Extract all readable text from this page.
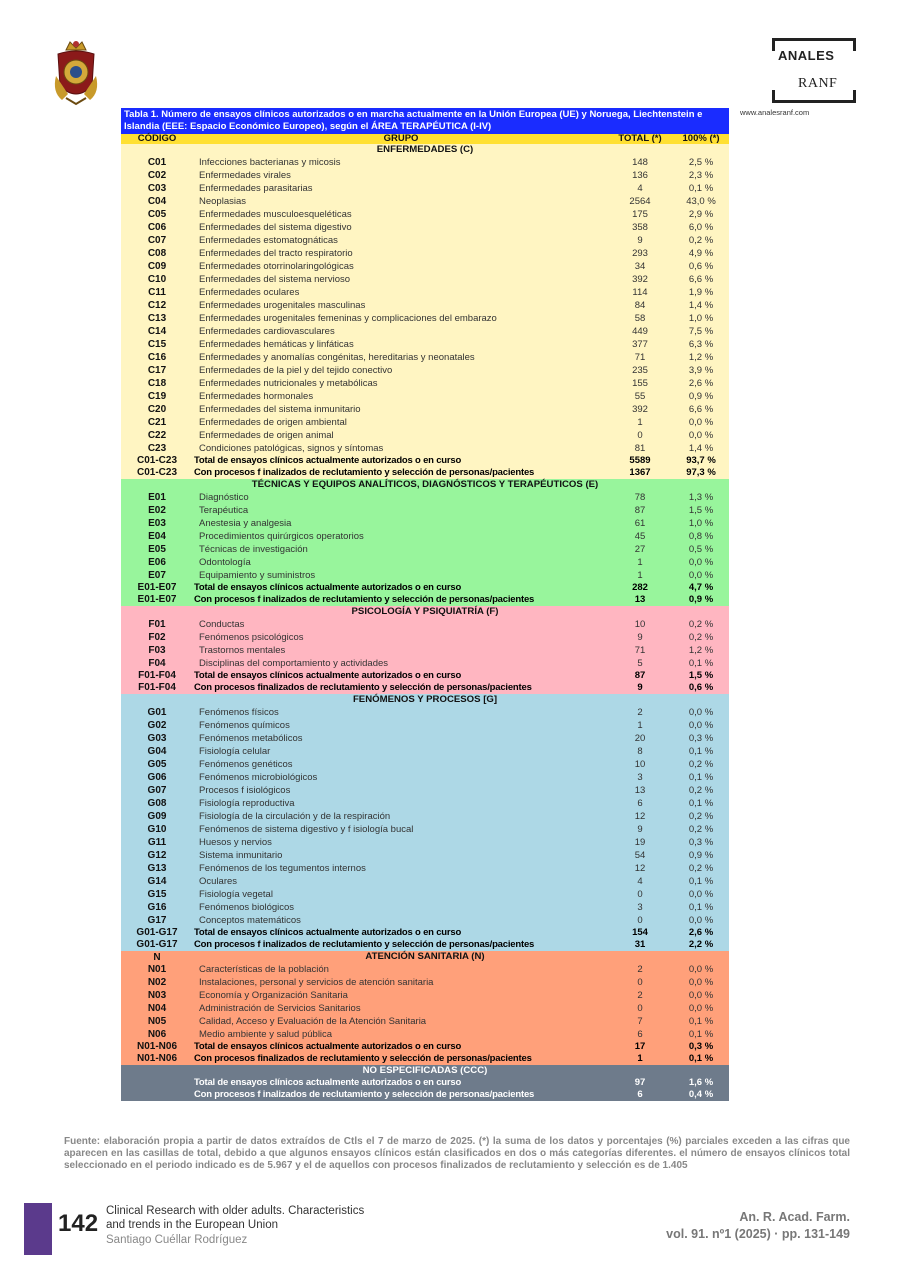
ANALES
RANF
www.analesranf.com
Tabla 1. Número de ensayos clínicos autorizados o en marcha actualmente en la Unión Europea (UE) y Noruega, Liechtenstein e Islandia (EEE: Espacio Económico Europeo), según el ÁREA TERAPÉUTICA (I-IV)
CÓDIGO	GRUPO	TOTAL (*)	100% (*)
ENFERMEDADES (C)
C01	Infecciones bacterianas y micosis	148	2,5 %
C02	Enfermedades virales	136	2,3 %
C03	Enfermedades parasitarias	4	0,1 %
C04	Neoplasias	2564	43,0 %
C05	Enfermedades musculoesqueléticas	175	2,9 %
C06	Enfermedades del sistema digestivo	358	6,0 %
C07	Enfermedades estomatognáticas	9	0,2 %
C08	Enfermedades del tracto respiratorio	293	4,9 %
C09	Enfermedades otorrinolaringológicas	34	0,6 %
C10	Enfermedades del sistema nervioso	392	6,6 %
C11	Enfermedades oculares	114	1,9 %
C12	Enfermedades urogenitales masculinas	84	1,4 %
C13	Enfermedades urogenitales femeninas y complicaciones del embarazo	58	1,0 %
C14	Enfermedades cardiovasculares	449	7,5 %
C15	Enfermedades hemáticas y linfáticas	377	6,3 %
C16	Enfermedades y anomalías congénitas, hereditarias y neonatales	71	1,2 %
C17	Enfermedades de la piel y del tejido conectivo	235	3,9 %
C18	Enfermedades nutricionales y metabólicas	155	2,6 %
C19	Enfermedades hormonales	55	0,9 %
C20	Enfermedades del sistema inmunitario	392	6,6 %
C21	Enfermedades de origen ambiental	1	0,0 %
C22	Enfermedades de origen animal	0	0,0 %
C23	Condiciones patológicas, signos y síntomas	81	1,4 %
C01-C23	Total de ensayos clínicos actualmente autorizados o en curso	5589	93,7 %
C01-C23	Con procesos f inalizados de reclutamiento y selección de personas/pacientes	1367	97,3 %
TÉCNICAS Y EQUIPOS ANALÍTICOS, DIAGNÓSTICOS Y TERAPÉUTICOS (E)
E01	Diagnóstico	78	1,3 %
E02	Terapéutica	87	1,5 %
E03	Anestesia y analgesia	61	1,0 %
E04	Procedimientos quirúrgicos operatorios	45	0,8 %
E05	Técnicas de investigación	27	0,5 %
E06	Odontología	1	0,0 %
E07	Equipamiento y suministros	1	0,0 %
E01-E07	Total de ensayos clínicos actualmente autorizados o en curso	282	4,7 %
E01-E07	Con procesos f inalizados de reclutamiento y selección de personas/pacientes	13	0,9 %
PSICOLOGÍA Y PSIQUIATRÍA (F)
F01	Conductas	10	0,2 %
F02	Fenómenos psicológicos	9	0,2 %
F03	Trastornos mentales	71	1,2 %
F04	Disciplinas del comportamiento y actividades	5	0,1 %
F01-F04	Total de ensayos clínicos actualmente autorizados o en curso	87	1,5 %
F01-F04	Con procesos finalizados de reclutamiento y selección de personas/pacientes	9	0,6 %
FENÓMENOS Y PROCESOS [G]
G01	Fenómenos físicos	2	0,0 %
G02	Fenómenos químicos	1	0,0 %
G03	Fenómenos metabólicos	20	0,3 %
G04	Fisiología celular	8	0,1 %
G05	Fenómenos genéticos	10	0,2 %
G06	Fenómenos microbiológicos	3	0,1 %
G07	Procesos f isiológicos	13	0,2 %
G08	Fisiología reproductiva	6	0,1 %
G09	Fisiología de la circulación y de la respiración	12	0,2 %
G10	Fenómenos de sistema digestivo y f isiología bucal	9	0,2 %
G11	Huesos y nervios	19	0,3 %
G12	Sistema inmunitario	54	0,9 %
G13	Fenómenos de los tegumentos internos	12	0,2 %
G14	Oculares	4	0,1 %
G15	Fisiología vegetal	0	0,0 %
G16	Fenómenos biológicos	3	0,1 %
G17	Conceptos matemáticos	0	0,0 %
G01-G17	Total de ensayos clínicos actualmente autorizados o en curso	154	2,6 %
G01-G17	Con procesos f inalizados de reclutamiento y selección de personas/pacientes	31	2,2 %
ATENCIÓN SANITARIA (N)
N
N01	Características de la población	2	0,0 %
N02	Instalaciones, personal y servicios de atención sanitaria	0	0,0 %
N03	Economía y Organización Sanitaria	2	0,0 %
N04	Administración de Servicios Sanitarios	0	0,0 %
N05	Calidad, Acceso y Evaluación de la Atención Sanitaria	7	0,1 %
N06	Medio ambiente y salud pública	6	0,1 %
N01-N06	Total de ensayos clínicos actualmente autorizados o en curso	17	0,3 %
N01-N06	Con procesos finalizados de reclutamiento y selección de personas/pacientes	1	0,1 %
NO ESPECIFICADAS (CCC)
Total de ensayos clínicos actualmente autorizados o en curso	97	1,6 %
Con procesos f inalizados de reclutamiento y selección de personas/pacientes	6	0,4 %
Fuente: elaboración propia a partir de datos extraídos de Ctls el 7 de marzo de 2025. (*) la suma de los datos y porcentajes (%) parciales exceden a las cifras que aparecen en las casillas de total, debido a que algunos ensayos clínicos están clasificados en dos o más categorías diferentes. el número de ensayos clínicos total seleccionado en el periodo indicado es de 5.967 y el de aquellos con procesos finalizados de reclutamiento y selección es de 1.405
142 Clinical Research with older adults. Characteristics
and trends in the European Union
Santiago Cuéllar Rodríguez
An. R. Acad. Farm.
vol. 91. nº1 (2025) · pp. 131-149
